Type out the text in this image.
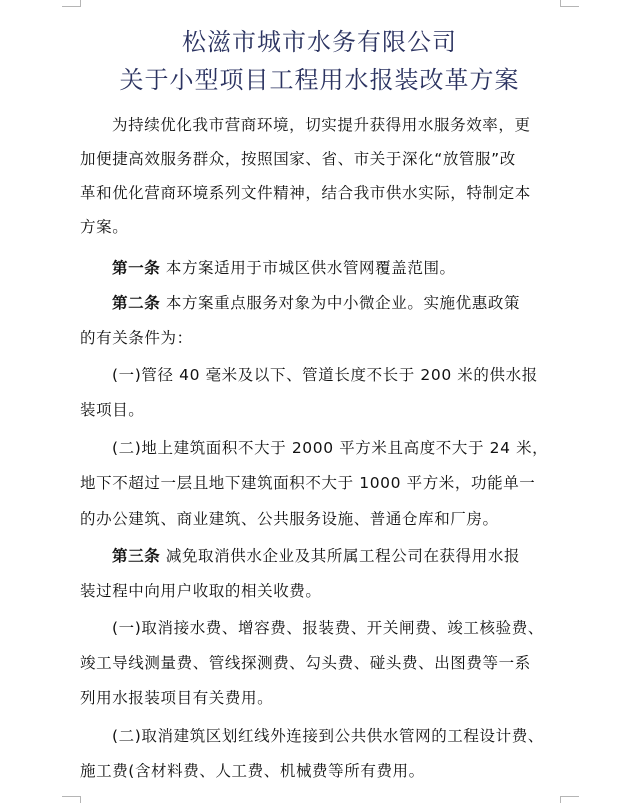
松滋市城市水务有限公司
关于小型项目工程用水报装改革方案
为持续优化我市营商环境，切实提升获得用水服务效率，更
加便捷高效服务群众，按照国家、省、市关于深化“放管服”改
革和优化营商环境系列文件精神，结合我市供水实际，特制定本
方案。
第一条 本方案适用于市城区供水管网覆盖范围。
第二条 本方案重点服务对象为中小微企业。实施优惠政策
的有关条件为：
(一)管径 40 毫米及以下、管道长度不长于 200 米的供水报
装项目。
(二)地上建筑面积不大于 2000 平方米且高度不大于 24 米，
地下不超过一层且地下建筑面积不大于 1000 平方米，功能单一
的办公建筑、商业建筑、公共服务设施、普通仓库和厂房。
第三条 减免取消供水企业及其所属工程公司在获得用水报
装过程中向用户收取的相关收费。
(一)取消接水费、增容费、报装费、开关闸费、竣工核验费、
竣工导线测量费、管线探测费、勾头费、碰头费、出图费等一系
列用水报装项目有关费用。
(二)取消建筑区划红线外连接到公共供水管网的工程设计费、
施工费(含材料费、人工费、机械费等所有费用。
